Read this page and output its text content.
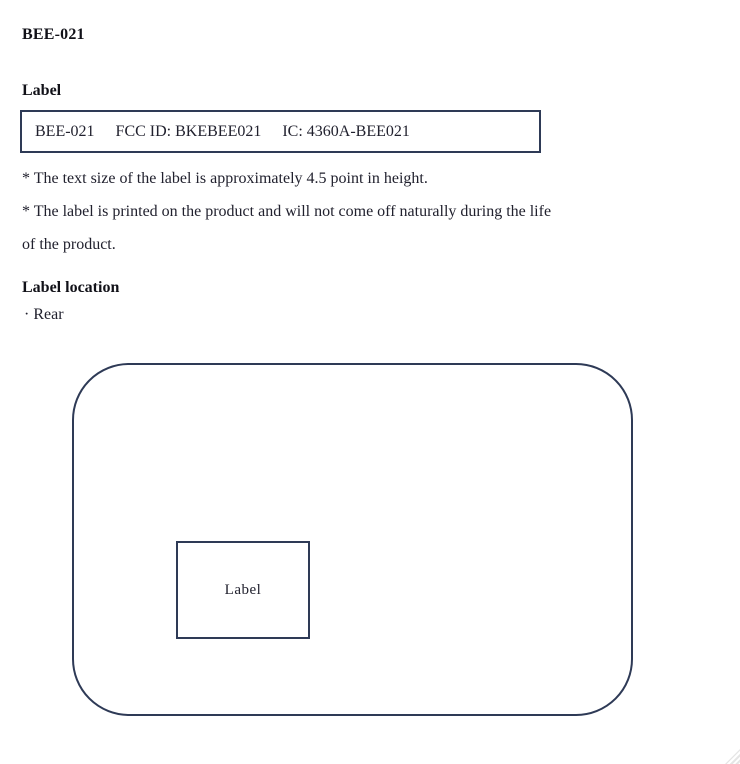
BEE-021
Label
BEE-021 FCC ID: BKEBEE021 IC: 4360A-BEE021
* The text size of the label is approximately 4.5 point in height.
* The label is printed on the product and will not come off naturally during the life
of the product.
Label location
· Rear
Label
